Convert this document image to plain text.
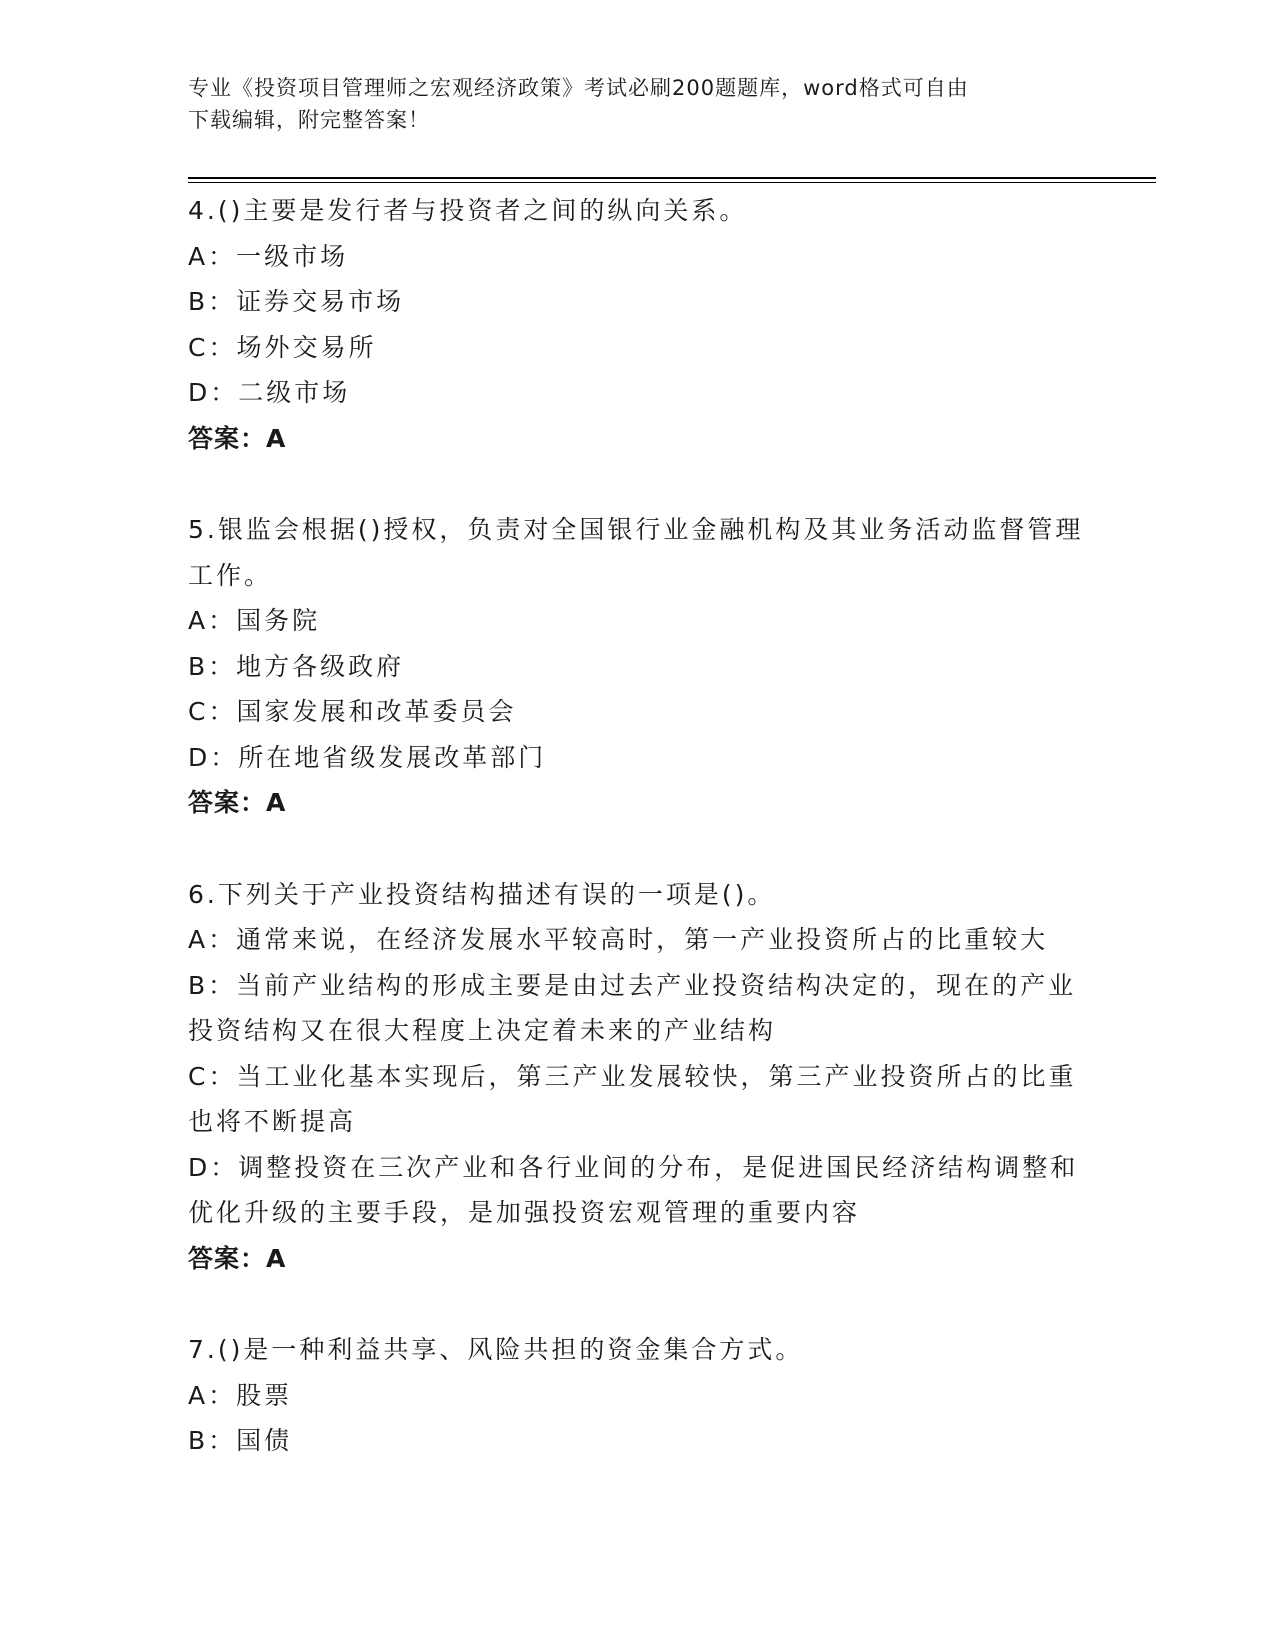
专业《投资项目管理师之宏观经济政策》考试必刷200题题库，word格式可自由
下载编辑，附完整答案！

4.()主要是发行者与投资者之间的纵向关系。

A：一级市场

B：证券交易市场

C：场外交易所

D：二级市场

答案：A

5.银监会根据()授权，负责对全国银行业金融机构及其业务活动监督管理工作。

A：国务院

B：地方各级政府

C：国家发展和改革委员会

D：所在地省级发展改革部门

答案：A

6.下列关于产业投资结构描述有误的一项是()。

A：通常来说，在经济发展水平较高时，第一产业投资所占的比重较大

B：当前产业结构的形成主要是由过去产业投资结构决定的，现在的产业投资结构又在很大程度上决定着未来的产业结构

C：当工业化基本实现后，第三产业发展较快，第三产业投资所占的比重也将不断提高

D：调整投资在三次产业和各行业间的分布，是促进国民经济结构调整和优化升级的主要手段，是加强投资宏观管理的重要内容

答案：A

7.()是一种利益共享、风险共担的资金集合方式。

A：股票

B：国债
